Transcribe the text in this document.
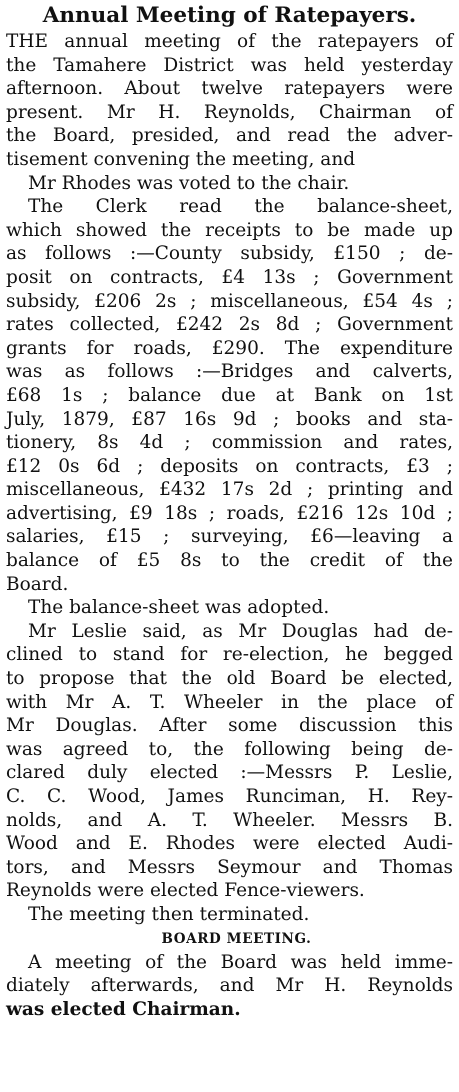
Annual Meeting of Ratepayers.
THE annual meeting of the ratepayers of
the Tamahere District was held yesterday
afternoon. About twelve ratepayers were
present. Mr H. Reynolds, Chairman of
the Board, presided, and read the adver-
tisement convening the meeting, and
Mr Rhodes was voted to the chair.
The Clerk read the balance-sheet,
which showed the receipts to be made up
as follows :—County subsidy, £150 ; de-
posit on contracts, £4 13s ; Government
subsidy, £206 2s ; miscellaneous, £54 4s ;
rates collected, £242 2s 8d ; Government
grants for roads, £290. The expenditure
was as follows :—Bridges and calverts,
£68 1s ; balance due at Bank on 1st
July, 1879, £87 16s 9d ; books and sta-
tionery, 8s 4d ; commission and rates,
£12 0s 6d ; deposits on contracts, £3 ;
miscellaneous, £432 17s 2d ; printing and
advertising, £9 18s ; roads, £216 12s 10d ;
salaries, £15 ; surveying, £6—leaving a
balance of £5 8s to the credit of the
Board.
The balance-sheet was adopted.
Mr Leslie said, as Mr Douglas had de-
clined to stand for re-election, he begged
to propose that the old Board be elected,
with Mr A. T. Wheeler in the place of
Mr Douglas. After some discussion this
was agreed to, the following being de-
clared duly elected :—Messrs P. Leslie,
C. C. Wood, James Runciman, H. Rey-
nolds, and A. T. Wheeler. Messrs B.
Wood and E. Rhodes were elected Audi-
tors, and Messrs Seymour and Thomas
Reynolds were elected Fence-viewers.
The meeting then terminated.
BOARD MEETING.
A meeting of the Board was held imme-
diately afterwards, and Mr H. Reynolds
was elected Chairman.
